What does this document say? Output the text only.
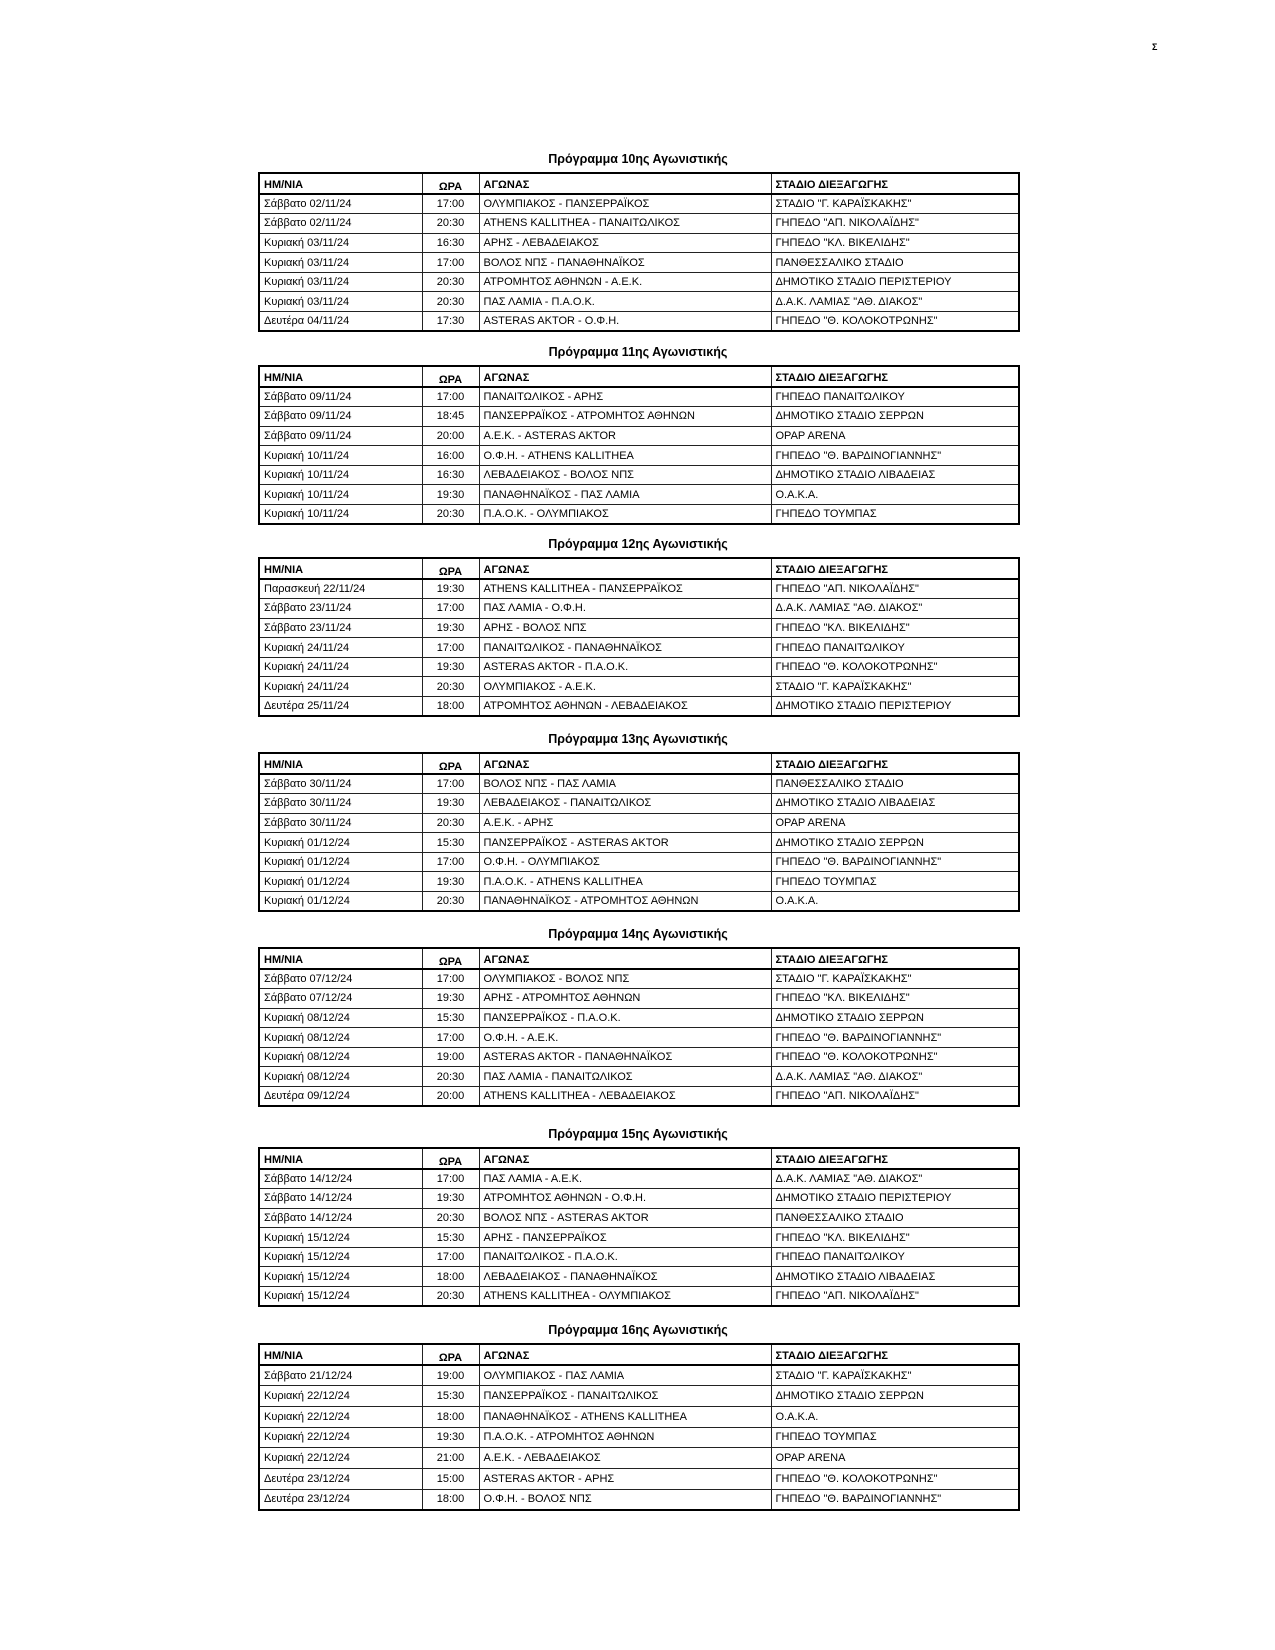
Σ
Πρόγραμμα 10ης Αγωνιστικής
ΗΜ/ΝΙΑ	ΩΡΑ	ΑΓΩΝΑΣ	ΣΤΑΔΙΟ ΔΙΕΞΑΓΩΓΗΣ
Σάββατο 02/11/24	17:00	ΟΛΥΜΠΙΑΚΟΣ - ΠΑΝΣΕΡΡΑΪΚΟΣ	ΣΤΑΔΙΟ "Γ. ΚΑΡΑΪΣΚΑΚΗΣ"
Σάββατο 02/11/24	20:30	ATHENS KALLITHEA - ΠΑΝΑΙΤΩΛΙΚΟΣ	ΓΗΠΕΔΟ "ΑΠ. ΝΙΚΟΛΑΪΔΗΣ"
Κυριακή 03/11/24	16:30	ΑΡΗΣ - ΛΕΒΑΔΕΙΑΚΟΣ	ΓΗΠΕΔΟ "ΚΛ. ΒΙΚΕΛΙΔΗΣ"
Κυριακή 03/11/24	17:00	ΒΟΛΟΣ ΝΠΣ - ΠΑΝΑΘΗΝΑΪΚΟΣ	ΠΑΝΘΕΣΣΑΛΙΚΟ ΣΤΑΔΙΟ
Κυριακή 03/11/24	20:30	ΑΤΡΟΜΗΤΟΣ ΑΘΗΝΩΝ - Α.Ε.Κ.	ΔΗΜΟΤΙΚΟ ΣΤΑΔΙΟ ΠΕΡΙΣΤΕΡΙΟΥ
Κυριακή 03/11/24	20:30	ΠΑΣ ΛΑΜΙΑ - Π.Α.Ο.Κ.	Δ.Α.Κ. ΛΑΜΙΑΣ "ΑΘ. ΔΙΑΚΟΣ"
Δευτέρα 04/11/24	17:30	ASTERAS AKTOR - Ο.Φ.Η.	ΓΗΠΕΔΟ "Θ. ΚΟΛΟΚΟΤΡΩΝΗΣ"
Πρόγραμμα 11ης Αγωνιστικής
ΗΜ/ΝΙΑ	ΩΡΑ	ΑΓΩΝΑΣ	ΣΤΑΔΙΟ ΔΙΕΞΑΓΩΓΗΣ
Σάββατο 09/11/24	17:00	ΠΑΝΑΙΤΩΛΙΚΟΣ - ΑΡΗΣ	ΓΗΠΕΔΟ ΠΑΝΑΙΤΩΛΙΚΟΥ
Σάββατο 09/11/24	18:45	ΠΑΝΣΕΡΡΑΪΚΟΣ - ΑΤΡΟΜΗΤΟΣ ΑΘΗΝΩΝ	ΔΗΜΟΤΙΚΟ ΣΤΑΔΙΟ ΣΕΡΡΩΝ
Σάββατο 09/11/24	20:00	Α.Ε.Κ. - ASTERAS AKTOR	OPAP ARENA
Κυριακή 10/11/24	16:00	Ο.Φ.Η. - ATHENS KALLITHEA	ΓΗΠΕΔΟ "Θ. ΒΑΡΔΙΝΟΓΙΑΝΝΗΣ"
Κυριακή 10/11/24	16:30	ΛΕΒΑΔΕΙΑΚΟΣ - ΒΟΛΟΣ ΝΠΣ	ΔΗΜΟΤΙΚΟ ΣΤΑΔΙΟ ΛΙΒΑΔΕΙΑΣ
Κυριακή 10/11/24	19:30	ΠΑΝΑΘΗΝΑΪΚΟΣ - ΠΑΣ ΛΑΜΙΑ	Ο.Α.Κ.Α.
Κυριακή 10/11/24	20:30	Π.Α.Ο.Κ. - ΟΛΥΜΠΙΑΚΟΣ	ΓΗΠΕΔΟ ΤΟΥΜΠΑΣ
Πρόγραμμα 12ης Αγωνιστικής
ΗΜ/ΝΙΑ	ΩΡΑ	ΑΓΩΝΑΣ	ΣΤΑΔΙΟ ΔΙΕΞΑΓΩΓΗΣ
Παρασκευή 22/11/24	19:30	ATHENS KALLITHEA - ΠΑΝΣΕΡΡΑΪΚΟΣ	ΓΗΠΕΔΟ "ΑΠ. ΝΙΚΟΛΑΪΔΗΣ"
Σάββατο 23/11/24	17:00	ΠΑΣ ΛΑΜΙΑ - Ο.Φ.Η.	Δ.Α.Κ. ΛΑΜΙΑΣ "ΑΘ. ΔΙΑΚΟΣ"
Σάββατο 23/11/24	19:30	ΑΡΗΣ - ΒΟΛΟΣ ΝΠΣ	ΓΗΠΕΔΟ "ΚΛ. ΒΙΚΕΛΙΔΗΣ"
Κυριακή 24/11/24	17:00	ΠΑΝΑΙΤΩΛΙΚΟΣ - ΠΑΝΑΘΗΝΑΪΚΟΣ	ΓΗΠΕΔΟ ΠΑΝΑΙΤΩΛΙΚΟΥ
Κυριακή 24/11/24	19:30	ASTERAS AKTOR - Π.Α.Ο.Κ.	ΓΗΠΕΔΟ "Θ. ΚΟΛΟΚΟΤΡΩΝΗΣ"
Κυριακή 24/11/24	20:30	ΟΛΥΜΠΙΑΚΟΣ - Α.Ε.Κ.	ΣΤΑΔΙΟ "Γ. ΚΑΡΑΪΣΚΑΚΗΣ"
Δευτέρα 25/11/24	18:00	ΑΤΡΟΜΗΤΟΣ ΑΘΗΝΩΝ - ΛΕΒΑΔΕΙΑΚΟΣ	ΔΗΜΟΤΙΚΟ ΣΤΑΔΙΟ ΠΕΡΙΣΤΕΡΙΟΥ
Πρόγραμμα 13ης Αγωνιστικής
ΗΜ/ΝΙΑ	ΩΡΑ	ΑΓΩΝΑΣ	ΣΤΑΔΙΟ ΔΙΕΞΑΓΩΓΗΣ
Σάββατο 30/11/24	17:00	ΒΟΛΟΣ ΝΠΣ - ΠΑΣ ΛΑΜΙΑ	ΠΑΝΘΕΣΣΑΛΙΚΟ ΣΤΑΔΙΟ
Σάββατο 30/11/24	19:30	ΛΕΒΑΔΕΙΑΚΟΣ - ΠΑΝΑΙΤΩΛΙΚΟΣ	ΔΗΜΟΤΙΚΟ ΣΤΑΔΙΟ ΛΙΒΑΔΕΙΑΣ
Σάββατο 30/11/24	20:30	Α.Ε.Κ. - ΑΡΗΣ	OPAP ARENA
Κυριακή 01/12/24	15:30	ΠΑΝΣΕΡΡΑΪΚΟΣ - ASTERAS AKTOR	ΔΗΜΟΤΙΚΟ ΣΤΑΔΙΟ ΣΕΡΡΩΝ
Κυριακή 01/12/24	17:00	Ο.Φ.Η. - ΟΛΥΜΠΙΑΚΟΣ	ΓΗΠΕΔΟ "Θ. ΒΑΡΔΙΝΟΓΙΑΝΝΗΣ"
Κυριακή 01/12/24	19:30	Π.Α.Ο.Κ. - ATHENS KALLITHEA	ΓΗΠΕΔΟ ΤΟΥΜΠΑΣ
Κυριακή 01/12/24	20:30	ΠΑΝΑΘΗΝΑΪΚΟΣ - ΑΤΡΟΜΗΤΟΣ ΑΘΗΝΩΝ	Ο.Α.Κ.Α.
Πρόγραμμα 14ης Αγωνιστικής
ΗΜ/ΝΙΑ	ΩΡΑ	ΑΓΩΝΑΣ	ΣΤΑΔΙΟ ΔΙΕΞΑΓΩΓΗΣ
Σάββατο 07/12/24	17:00	ΟΛΥΜΠΙΑΚΟΣ - ΒΟΛΟΣ ΝΠΣ	ΣΤΑΔΙΟ "Γ. ΚΑΡΑΪΣΚΑΚΗΣ"
Σάββατο 07/12/24	19:30	ΑΡΗΣ - ΑΤΡΟΜΗΤΟΣ ΑΘΗΝΩΝ	ΓΗΠΕΔΟ "ΚΛ. ΒΙΚΕΛΙΔΗΣ"
Κυριακή 08/12/24	15:30	ΠΑΝΣΕΡΡΑΪΚΟΣ - Π.Α.Ο.Κ.	ΔΗΜΟΤΙΚΟ ΣΤΑΔΙΟ ΣΕΡΡΩΝ
Κυριακή 08/12/24	17:00	Ο.Φ.Η. - Α.Ε.Κ.	ΓΗΠΕΔΟ "Θ. ΒΑΡΔΙΝΟΓΙΑΝΝΗΣ"
Κυριακή 08/12/24	19:00	ASTERAS AKTOR - ΠΑΝΑΘΗΝΑΪΚΟΣ	ΓΗΠΕΔΟ "Θ. ΚΟΛΟΚΟΤΡΩΝΗΣ"
Κυριακή 08/12/24	20:30	ΠΑΣ ΛΑΜΙΑ - ΠΑΝΑΙΤΩΛΙΚΟΣ	Δ.Α.Κ. ΛΑΜΙΑΣ "ΑΘ. ΔΙΑΚΟΣ"
Δευτέρα 09/12/24	20:00	ATHENS KALLITHEA - ΛΕΒΑΔΕΙΑΚΟΣ	ΓΗΠΕΔΟ "ΑΠ. ΝΙΚΟΛΑΪΔΗΣ"
Πρόγραμμα 15ης Αγωνιστικής
ΗΜ/ΝΙΑ	ΩΡΑ	ΑΓΩΝΑΣ	ΣΤΑΔΙΟ ΔΙΕΞΑΓΩΓΗΣ
Σάββατο 14/12/24	17:00	ΠΑΣ ΛΑΜΙΑ - Α.Ε.Κ.	Δ.Α.Κ. ΛΑΜΙΑΣ "ΑΘ. ΔΙΑΚΟΣ"
Σάββατο 14/12/24	19:30	ΑΤΡΟΜΗΤΟΣ ΑΘΗΝΩΝ - Ο.Φ.Η.	ΔΗΜΟΤΙΚΟ ΣΤΑΔΙΟ ΠΕΡΙΣΤΕΡΙΟΥ
Σάββατο 14/12/24	20:30	ΒΟΛΟΣ ΝΠΣ - ASTERAS AKTOR	ΠΑΝΘΕΣΣΑΛΙΚΟ ΣΤΑΔΙΟ
Κυριακή 15/12/24	15:30	ΑΡΗΣ - ΠΑΝΣΕΡΡΑΪΚΟΣ	ΓΗΠΕΔΟ "ΚΛ. ΒΙΚΕΛΙΔΗΣ"
Κυριακή 15/12/24	17:00	ΠΑΝΑΙΤΩΛΙΚΟΣ - Π.Α.Ο.Κ.	ΓΗΠΕΔΟ ΠΑΝΑΙΤΩΛΙΚΟΥ
Κυριακή 15/12/24	18:00	ΛΕΒΑΔΕΙΑΚΟΣ - ΠΑΝΑΘΗΝΑΪΚΟΣ	ΔΗΜΟΤΙΚΟ ΣΤΑΔΙΟ ΛΙΒΑΔΕΙΑΣ
Κυριακή 15/12/24	20:30	ATHENS KALLITHEA - ΟΛΥΜΠΙΑΚΟΣ	ΓΗΠΕΔΟ "ΑΠ. ΝΙΚΟΛΑΪΔΗΣ"
Πρόγραμμα 16ης Αγωνιστικής
ΗΜ/ΝΙΑ	ΩΡΑ	ΑΓΩΝΑΣ	ΣΤΑΔΙΟ ΔΙΕΞΑΓΩΓΗΣ
Σάββατο 21/12/24	19:00	ΟΛΥΜΠΙΑΚΟΣ - ΠΑΣ ΛΑΜΙΑ	ΣΤΑΔΙΟ "Γ. ΚΑΡΑΪΣΚΑΚΗΣ"
Κυριακή 22/12/24	15:30	ΠΑΝΣΕΡΡΑΪΚΟΣ - ΠΑΝΑΙΤΩΛΙΚΟΣ	ΔΗΜΟΤΙΚΟ ΣΤΑΔΙΟ ΣΕΡΡΩΝ
Κυριακή 22/12/24	18:00	ΠΑΝΑΘΗΝΑΪΚΟΣ - ATHENS KALLITHEA	Ο.Α.Κ.Α.
Κυριακή 22/12/24	19:30	Π.Α.Ο.Κ. - ΑΤΡΟΜΗΤΟΣ ΑΘΗΝΩΝ	ΓΗΠΕΔΟ ΤΟΥΜΠΑΣ
Κυριακή 22/12/24	21:00	Α.Ε.Κ. - ΛΕΒΑΔΕΙΑΚΟΣ	OPAP ARENA
Δευτέρα 23/12/24	15:00	ASTERAS AKTOR - ΑΡΗΣ	ΓΗΠΕΔΟ "Θ. ΚΟΛΟΚΟΤΡΩΝΗΣ"
Δευτέρα 23/12/24	18:00	Ο.Φ.Η. - ΒΟΛΟΣ ΝΠΣ	ΓΗΠΕΔΟ "Θ. ΒΑΡΔΙΝΟΓΙΑΝΝΗΣ"
